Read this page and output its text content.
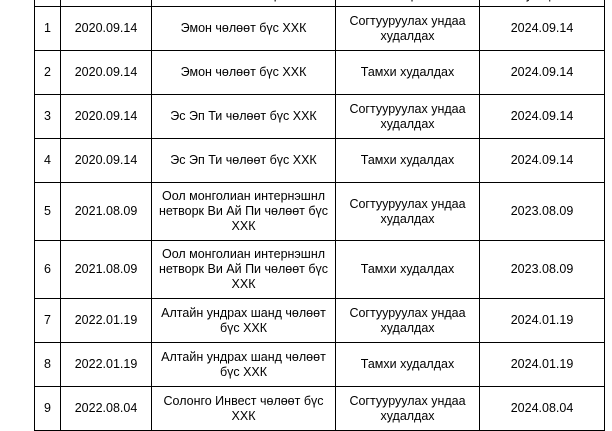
1	2020.09.14	Эмон чөлөөт бүс ХХК	Согтууруулах ундаа худалдах	2024.09.14
2	2020.09.14	Эмон чөлөөт бүс ХХК	Тамхи худалдах	2024.09.14
3	2020.09.14	Эс Эп Ти чөлөөт бүс ХХК	Согтууруулах ундаа худалдах	2024.09.14
4	2020.09.14	Эс Эп Ти чөлөөт бүс ХХК	Тамхи худалдах	2024.09.14
5	2021.08.09	Оол монголиан интернэшнл нетворк Ви Ай Пи чөлөөт бүс ХХК	Согтууруулах ундаа худалдах	2023.08.09
6	2021.08.09	Оол монголиан интернэшнл нетворк Ви Ай Пи чөлөөт бүс ХХК	Тамхи худалдах	2023.08.09
7	2022.01.19	Алтайн ундрах шанд чөлөөт бүс ХХК	Согтууруулах ундаа худалдах	2024.01.19
8	2022.01.19	Алтайн ундрах шанд чөлөөт бүс ХХК	Тамхи худалдах	2024.01.19
9	2022.08.04	Солонго Инвест чөлөөт бүс ХХК	Согтууруулах ундаа худалдах	2024.08.04
